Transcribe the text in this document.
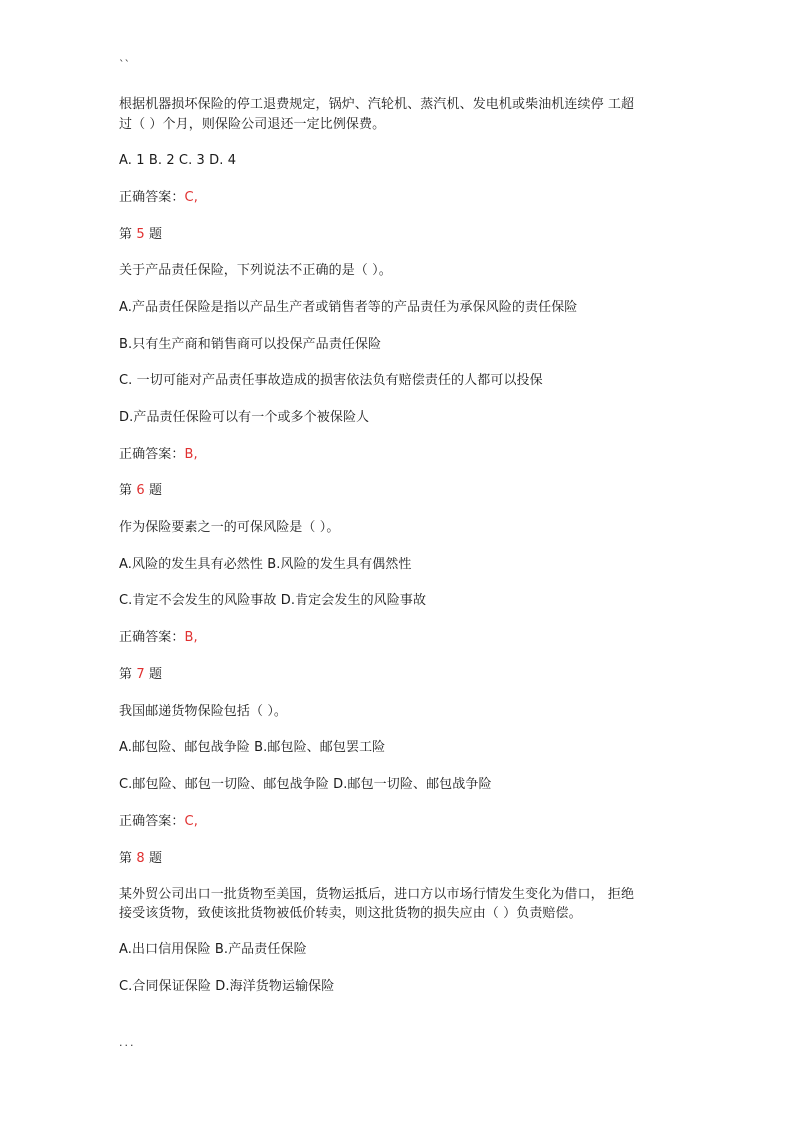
``
根据机器损坏保险的停工退费规定，锅炉、汽轮机、蒸汽机、发电机或柴油机连续停 工超
过（ ）个月，则保险公司退还一定比例保费。
A. 1 B. 2 C. 3 D. 4
正确答案：C,
第 5 题
关于产品责任保险，下列说法不正确的是（ ）。
A.产品责任保险是指以产品生产者或销售者等的产品责任为承保风险的责任保险
B.只有生产商和销售商可以投保产品责任保险
C. 一切可能对产品责任事故造成的损害依法负有赔偿责任的人都可以投保
D.产品责任保险可以有一个或多个被保险人
正确答案：B,
第 6 题
作为保险要素之一的可保风险是（ ）。
A.风险的发生具有必然性 B.风险的发生具有偶然性
C.肯定不会发生的风险事故 D.肯定会发生的风险事故
正确答案：B,
第 7 题
我国邮递货物保险包括（ ）。
A.邮包险、邮包战争险 B.邮包险、邮包罢工险
C.邮包险、邮包一切险、邮包战争险 D.邮包一切险、邮包战争险
正确答案：C,
第 8 题
某外贸公司出口一批货物至美国，货物运抵后，进口方以市场行情发生变化为借口， 拒绝
接受该货物，致使该批货物被低价转卖，则这批货物的损失应由（ ）负责赔偿。
A.出口信用保险 B.产品责任保险
C.合同保证保险 D.海洋货物运输保险
...
